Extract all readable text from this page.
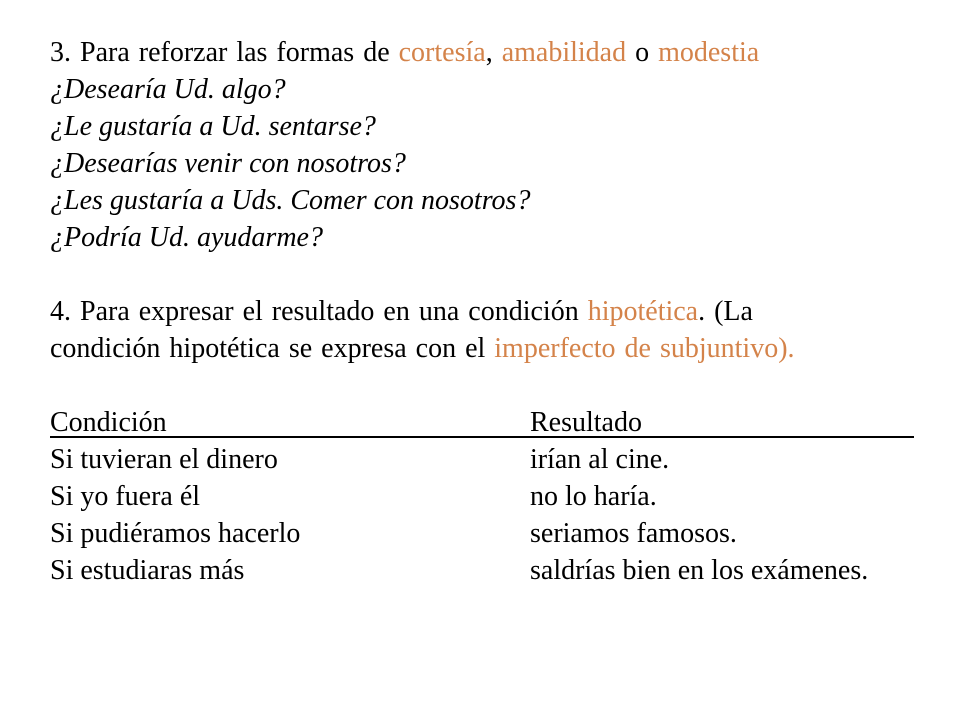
3. Para reforzar las formas de cortesía, amabilidad o modestia
¿Desearía Ud. algo?
¿Le gustaría a Ud. sentarse?
¿Desearías venir con nosotros?
¿Les gustaría a Uds. Comer con nosotros?
¿Podría Ud. ayudarme?
4. Para expresar el resultado en una condición hipotética. (La
condición hipotética se expresa con el imperfecto de subjuntivo).
Condición	Resultado
Si tuvieran el dinero	irían al cine.
Si yo fuera él	no lo haría.
Si pudiéramos hacerlo	seriamos famosos.
Si estudiaras más	saldrías bien en los exámenes.
